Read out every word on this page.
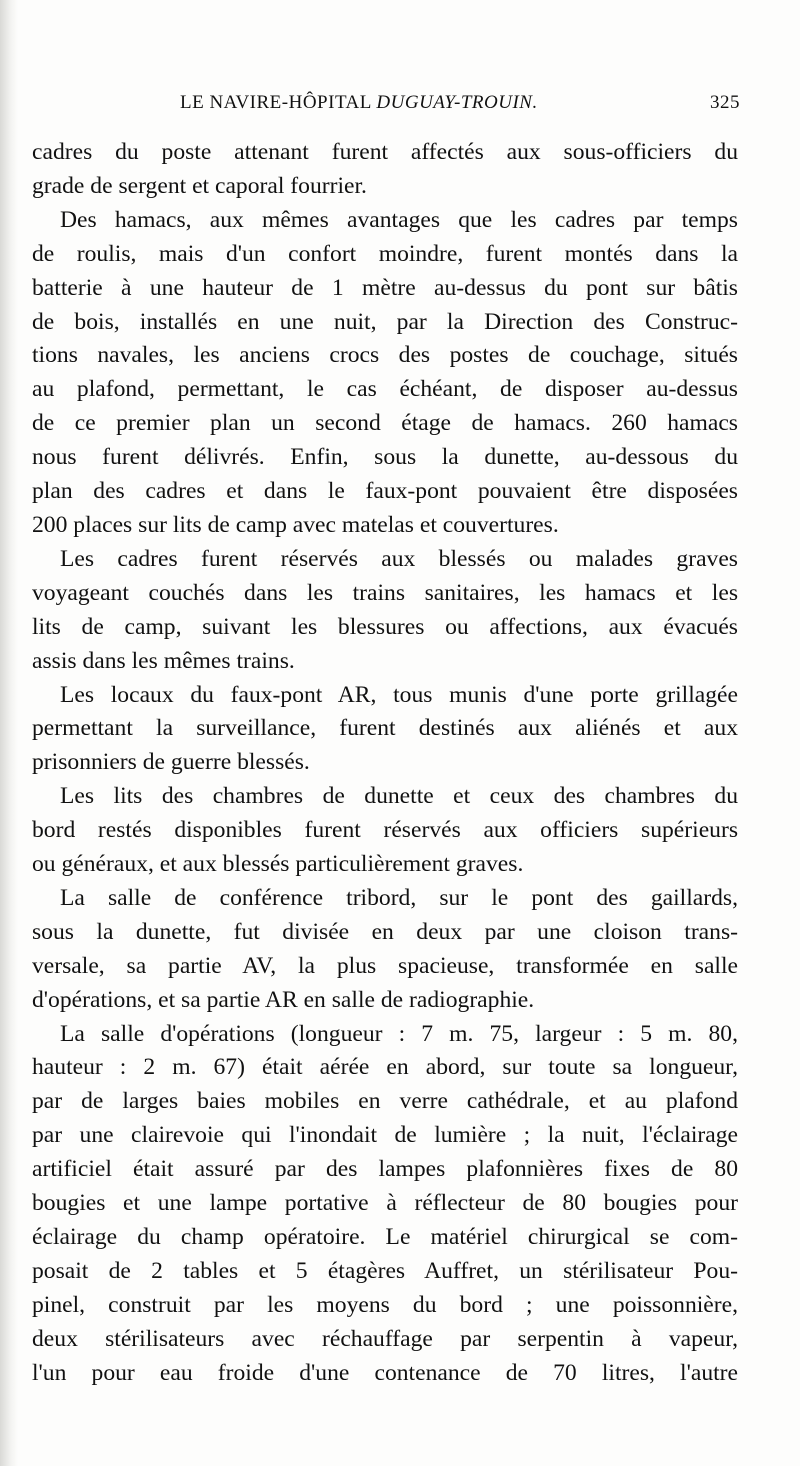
LE NAVIRE-HÔPITAL DUGUAY-TROUIN.	325
cadres du poste attenant furent affectés aux sous-officiers du
grade de sergent et caporal fourrier.
Des hamacs, aux mêmes avantages que les cadres par temps
de roulis, mais d'un confort moindre, furent montés dans la
batterie à une hauteur de 1 mètre au-dessus du pont sur bâtis
de bois, installés en une nuit, par la Direction des Construc-
tions navales, les anciens crocs des postes de couchage, situés
au plafond, permettant, le cas échéant, de disposer au-dessus
de ce premier plan un second étage de hamacs. 260 hamacs
nous furent délivrés. Enfin, sous la dunette, au-dessous du
plan des cadres et dans le faux-pont pouvaient être disposées
200 places sur lits de camp avec matelas et couvertures.
Les cadres furent réservés aux blessés ou malades graves
voyageant couchés dans les trains sanitaires, les hamacs et les
lits de camp, suivant les blessures ou affections, aux évacués
assis dans les mêmes trains.
Les locaux du faux-pont AR, tous munis d'une porte grillagée
permettant la surveillance, furent destinés aux aliénés et aux
prisonniers de guerre blessés.
Les lits des chambres de dunette et ceux des chambres du
bord restés disponibles furent réservés aux officiers supérieurs
ou généraux, et aux blessés particulièrement graves.
La salle de conférence tribord, sur le pont des gaillards,
sous la dunette, fut divisée en deux par une cloison trans-
versale, sa partie AV, la plus spacieuse, transformée en salle
d'opérations, et sa partie AR en salle de radiographie.
La salle d'opérations (longueur : 7 m. 75, largeur : 5 m. 80,
hauteur : 2 m. 67) était aérée en abord, sur toute sa longueur,
par de larges baies mobiles en verre cathédrale, et au plafond
par une clairevoie qui l'inondait de lumière ; la nuit, l'éclairage
artificiel était assuré par des lampes plafonnières fixes de 80
bougies et une lampe portative à réflecteur de 80 bougies pour
éclairage du champ opératoire. Le matériel chirurgical se com-
posait de 2 tables et 5 étagères Auffret, un stérilisateur Pou-
pinel, construit par les moyens du bord ; une poissonnière,
deux stérilisateurs avec réchauffage par serpentin à vapeur,
l'un pour eau froide d'une contenance de 70 litres, l'autre
